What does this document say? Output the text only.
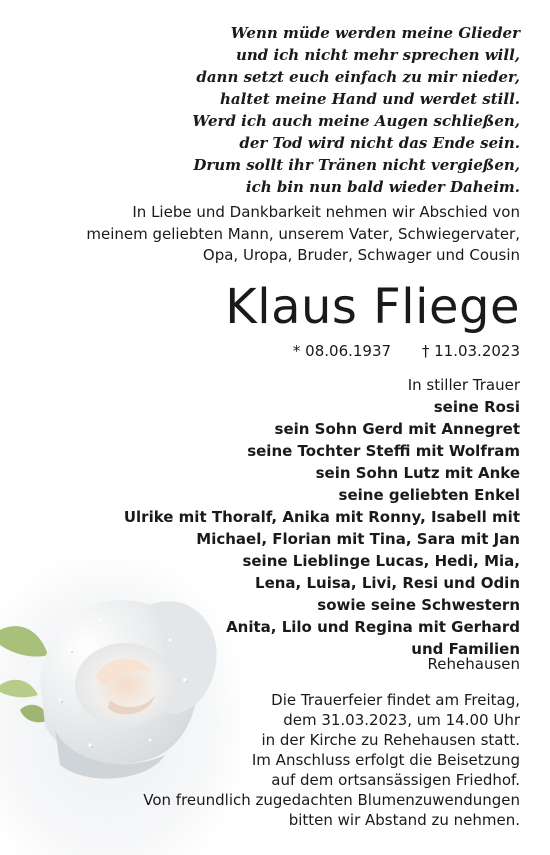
Wenn müde werden meine Glieder
und ich nicht mehr sprechen will,
dann setzt euch einfach zu mir nieder,
haltet meine Hand und werdet still.
Werd ich auch meine Augen schließen,
der Tod wird nicht das Ende sein.
Drum sollt ihr Tränen nicht vergießen,
ich bin nun bald wieder Daheim.
In Liebe und Dankbarkeit nehmen wir Abschied von
meinem geliebten Mann, unserem Vater, Schwiegervater,
Opa, Uropa, Bruder, Schwager und Cousin
Klaus Fliege
* 08.06.1937 † 11.03.2023
In stiller Trauer
seine Rosi
sein Sohn Gerd mit Annegret
seine Tochter Steffi mit Wolfram
sein Sohn Lutz mit Anke
seine geliebten Enkel
Ulrike mit Thoralf, Anika mit Ronny, Isabell mit
Michael, Florian mit Tina, Sara mit Jan
seine Lieblinge Lucas, Hedi, Mia,
Lena, Luisa, Livi, Resi und Odin
sowie seine Schwestern
Anita, Lilo und Regina mit Gerhard
und Familien
Rehehausen
Die Trauerfeier findet am Freitag,
dem 31.03.2023, um 14.00 Uhr
in der Kirche zu Rehehausen statt.
Im Anschluss erfolgt die Beisetzung
auf dem ortsansässigen Friedhof.
Von freundlich zugedachten Blumenzuwendungen
bitten wir Abstand zu nehmen.
